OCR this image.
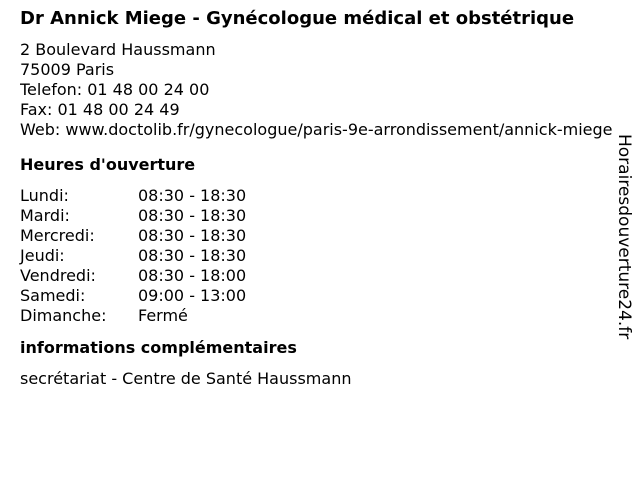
Dr Annick Miege - Gynécologue médical et obstétrique
2 Boulevard Haussmann
75009 Paris
Telefon: 01 48 00 24 00
Fax: 01 48 00 24 49
Web: www.doctolib.fr/gynecologue/paris-9e-arrondissement/annick-miege
Heures d'ouverture
Lundi:	08:30 - 18:30
Mardi:	08:30 - 18:30
Mercredi:	08:30 - 18:30
Jeudi:	08:30 - 18:30
Vendredi:	08:30 - 18:00
Samedi:	09:00 - 13:00
Dimanche:	Fermé
informations complémentaires
secrétariat - Centre de Santé Haussmann
Horairesdouverture24.fr
